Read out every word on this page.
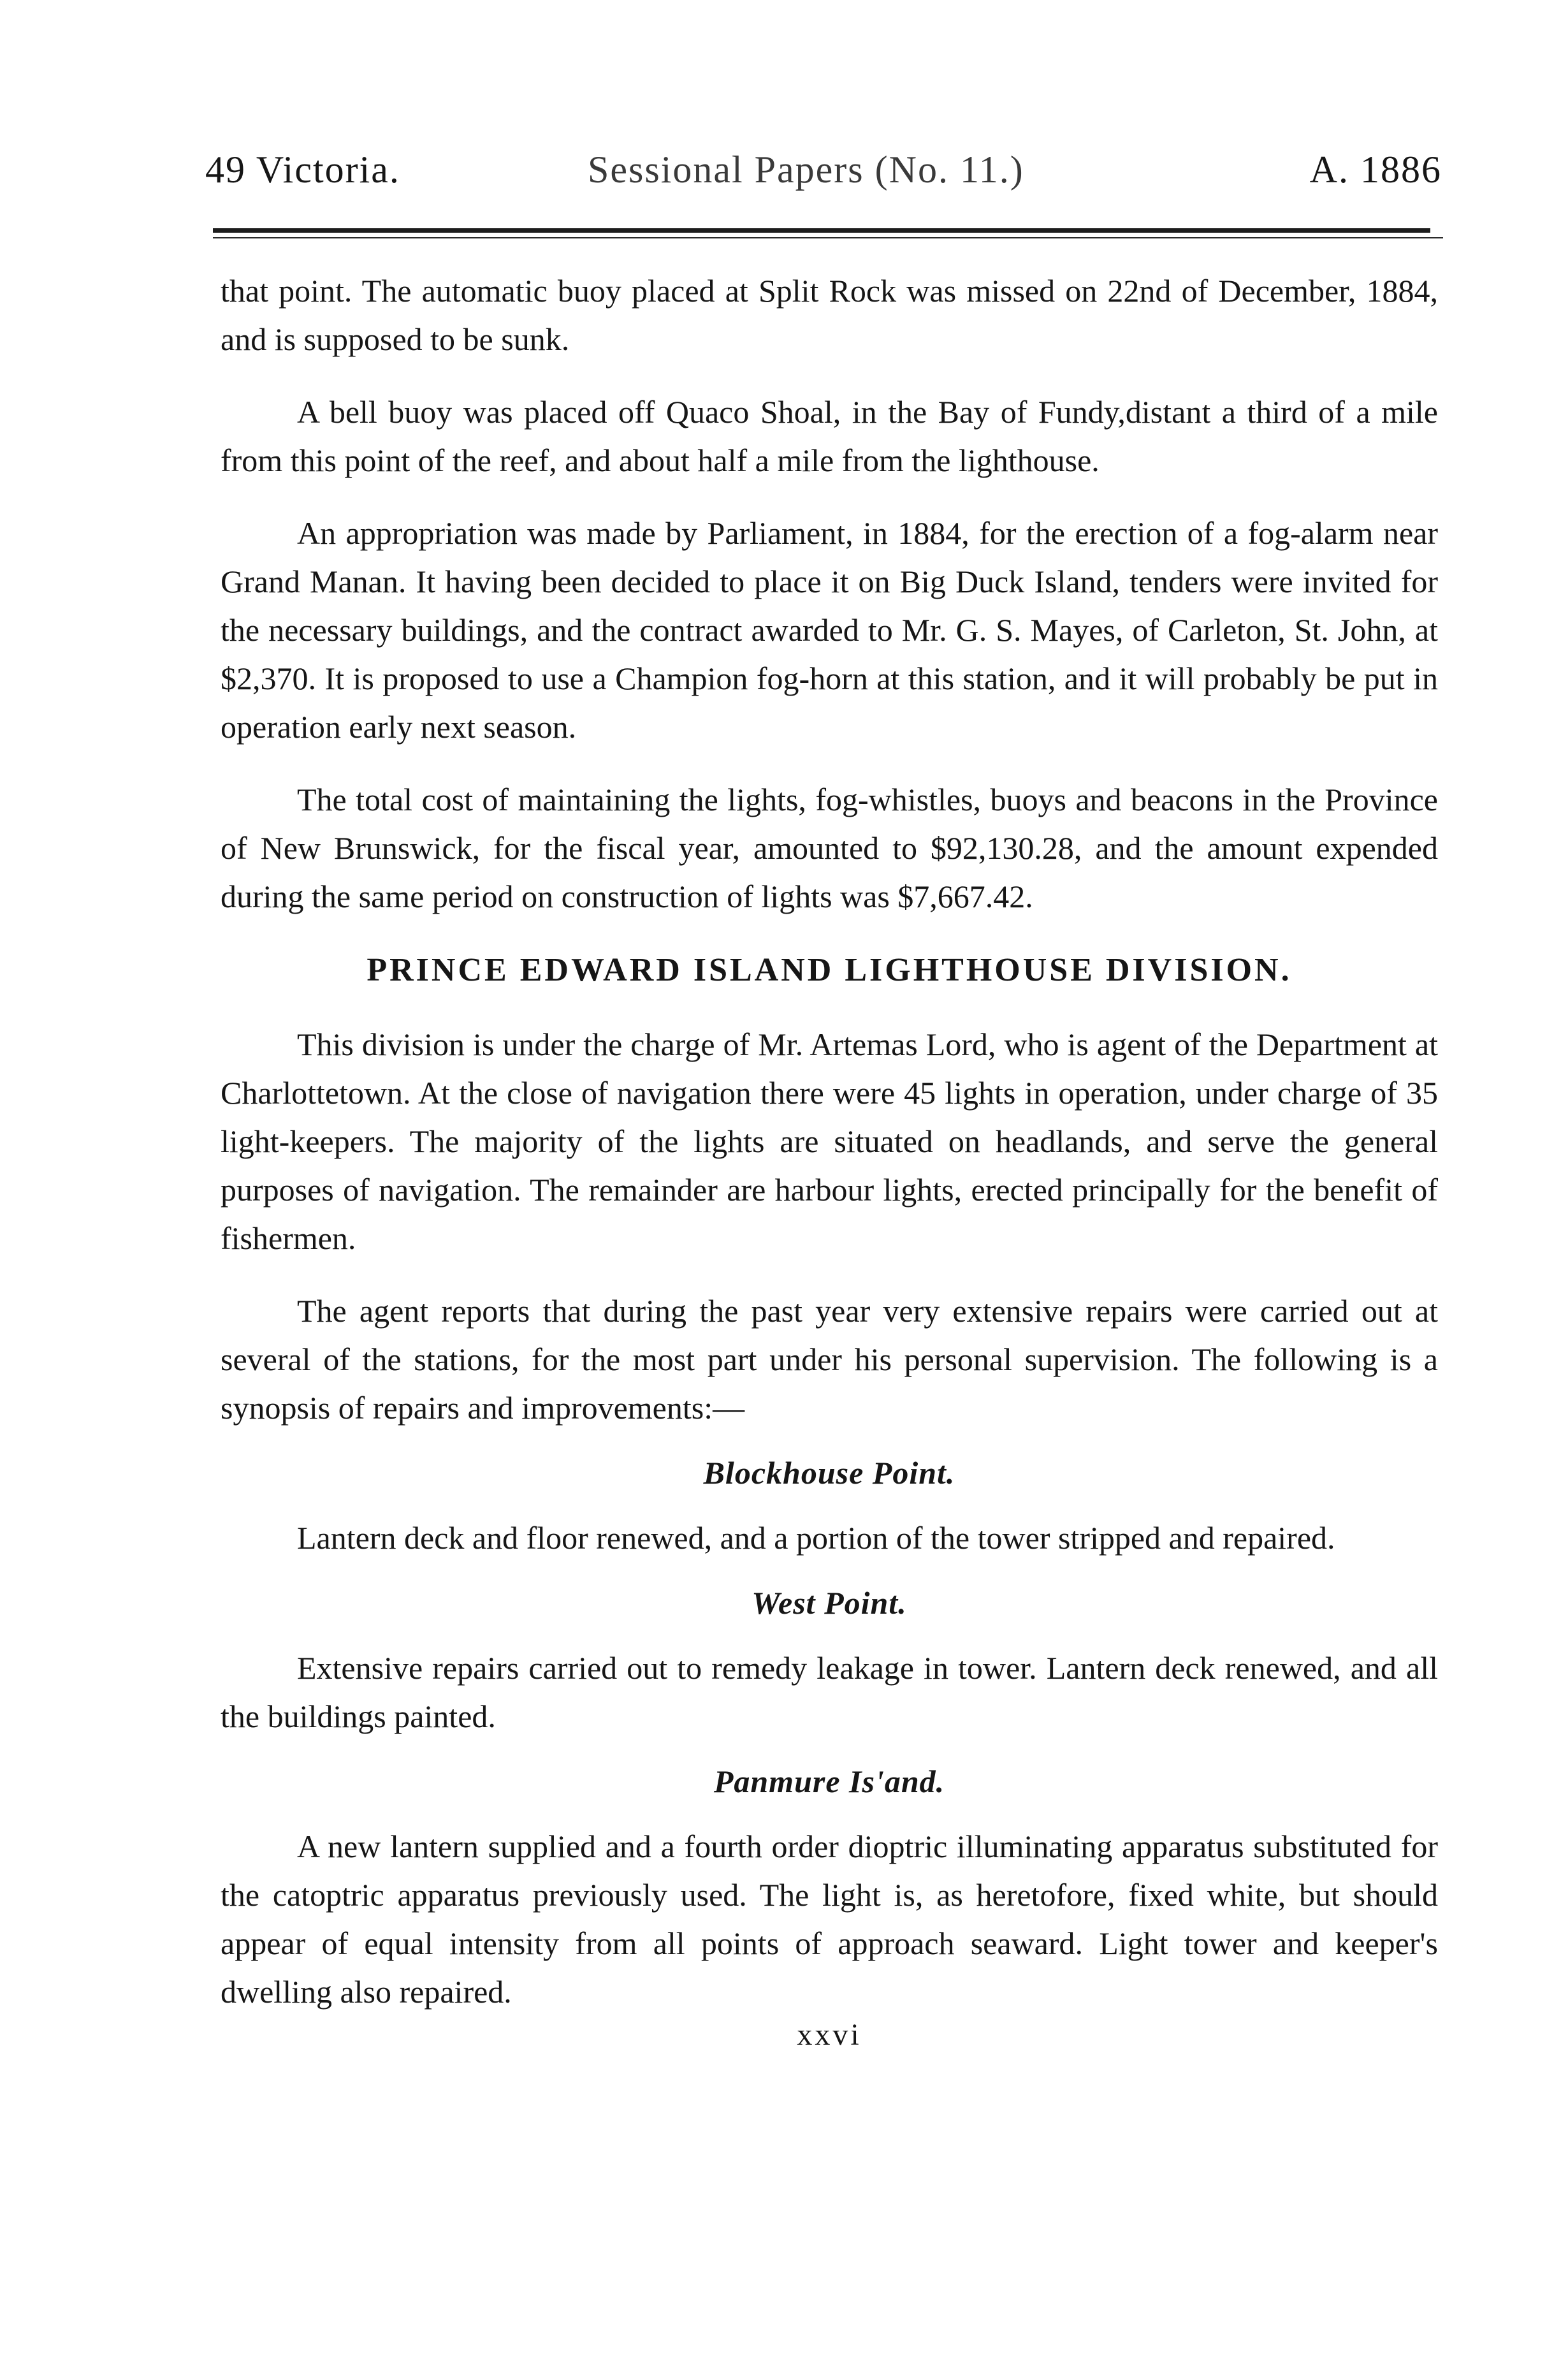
49 Victoria.	Sessional Papers (No. 11.)	A. 1886

that point. The automatic buoy placed at Split Rock was missed on 22nd of December, 1884, and is supposed to be sunk.

A bell buoy was placed off Quaco Shoal, in the Bay of Fundy,distant a third of a mile from this point of the reef, and about half a mile from the lighthouse.

An appropriation was made by Parliament, in 1884, for the erection of a fog-alarm near Grand Manan. It having been decided to place it on Big Duck Island, tenders were invited for the necessary buildings, and the contract awarded to Mr. G. S. Mayes, of Carleton, St. John, at $2,370. It is proposed to use a Champion fog-horn at this station, and it will probably be put in operation early next season.

The total cost of maintaining the lights, fog-whistles, buoys and beacons in the Province of New Brunswick, for the fiscal year, amounted to $92,130.28, and the amount expended during the same period on construction of lights was $7,667.42.

PRINCE EDWARD ISLAND LIGHTHOUSE DIVISION.

This division is under the charge of Mr. Artemas Lord, who is agent of the Department at Charlottetown. At the close of navigation there were 45 lights in operation, under charge of 35 light-keepers. The majority of the lights are situated on headlands, and serve the general purposes of navigation. The remainder are harbour lights, erected principally for the benefit of fishermen.

The agent reports that during the past year very extensive repairs were carried out at several of the stations, for the most part under his personal supervision. The following is a synopsis of repairs and improvements:—

Blockhouse Point.

Lantern deck and floor renewed, and a portion of the tower stripped and repaired.

West Point.

Extensive repairs carried out to remedy leakage in tower. Lantern deck renewed, and all the buildings painted.

Panmure Is'and.

A new lantern supplied and a fourth order dioptric illuminating apparatus substituted for the catoptric apparatus previously used. The light is, as heretofore, fixed white, but should appear of equal intensity from all points of approach seaward. Light tower and keeper's dwelling also repaired.

xxvi
